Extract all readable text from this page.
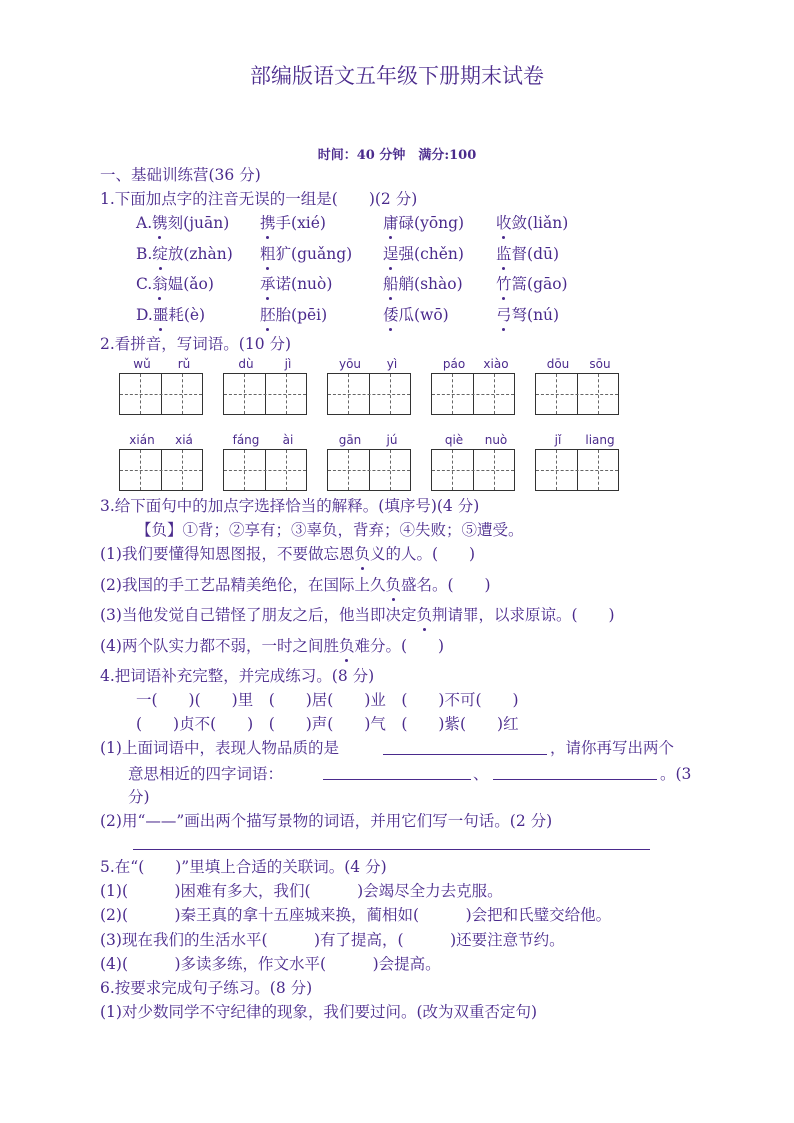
部编版语文五年级下册期末试卷
时间：40 分钟　满分:100
一、基础训练营(36 分)
1.下面加点字的注音无误的一组是(　　)(2 分)
A.镌刻(juān) 携手(xié)	庸碌(yōng) 收敛(liǎn)
B.绽放(zhàn) 粗犷(guǎng) 逞强(chěn) 监督(dū)
C.翁媪(ǎo)	承诺(nuò)	船艄(shào) 竹篙(gāo)
D.噩耗(è)	胚胎(pēi)	倭瓜(wō)	弓弩(nú)
2.看拼音，写词语。(10 分)
wǔ	rǔ	dù	jì	yōu	yì	páo	xiào	dōu	sōu
xián	xiá	fáng	ài	gān	jú	qiè	nuò	jǐ	liang
3.给下面句中的加点字选择恰当的解释。(填序号)(4 分)
【负】①背；②享有；③辜负，背弃；④失败；⑤遭受。
(1)我们要懂得知恩图报，不要做忘恩负义的人。(　　)
(2)我国的手工艺品精美绝伦，在国际上久负盛名。(　　)
(3)当他发觉自己错怪了朋友之后，他当即决定负荆请罪，以求原谅。(　　)
(4)两个队实力都不弱，一时之间胜负难分。(　　)
4.把词语补充完整，并完成练习。(8 分)
一(　　)(　　)里　(　　)居(　　)业　(　　)不可(　　)
(　　)贞不(　　)　(　　)声(　　)气　(　　)紫(　　)红
(1)上面词语中，表现人物品质的是	，请你再写出两个
意思相近的四字词语：	、	。(3
分)
(2)用“——”画出两个描写景物的词语，并用它们写一句话。(2 分)
5.在“(　　)”里填上合适的关联词。(4 分)
(1)(　　　)困难有多大，我们(　　　)会竭尽全力去克服。
(2)(　　　)秦王真的拿十五座城来换，蔺相如(　　　)会把和氏璧交给他。
(3)现在我们的生活水平(　　　)有了提高，(　　　)还要注意节约。
(4)(　　　)多读多练，作文水平(　　　)会提高。
6.按要求完成句子练习。(8 分)
(1)对少数同学不守纪律的现象，我们要过问。(改为双重否定句)
